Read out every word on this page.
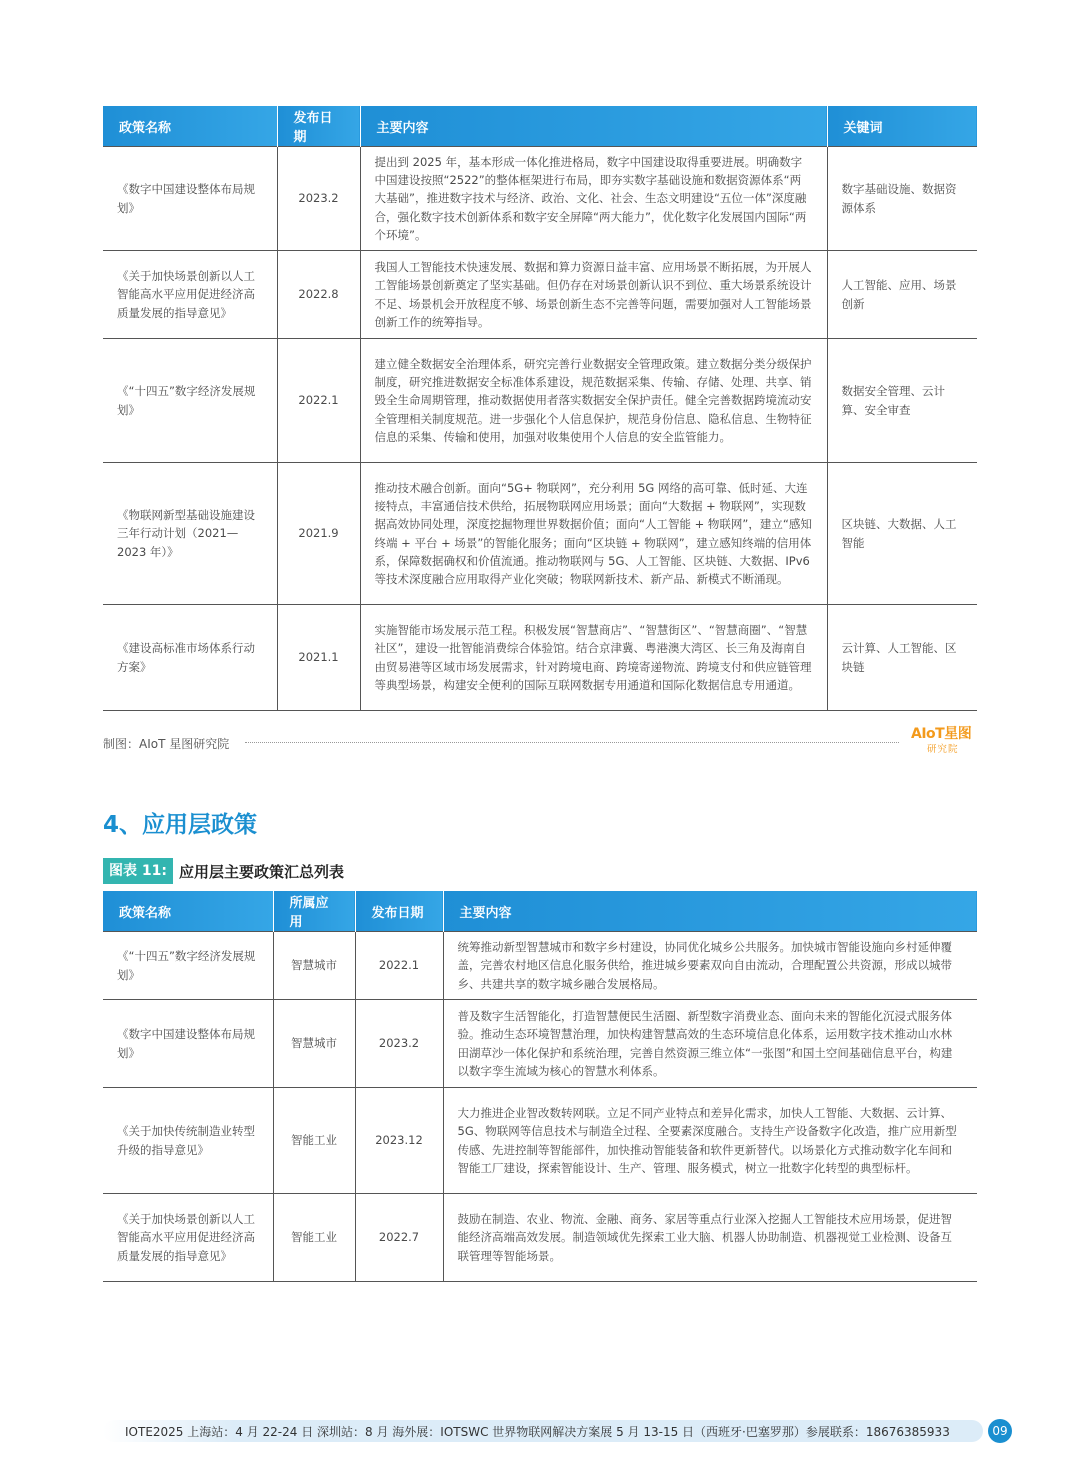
政策名称	发布日期	主要内容	关键词
《数字中国建设整体布局规划》	2023.2	提出到 2025 年，基本形成一体化推进格局，数字中国建设取得重要进展。明确数字中国建设按照“2522”的整体框架进行布局，即夯实数字基础设施和数据资源体系“两大基础”，推进数字技术与经济、政治、文化、社会、生态文明建设“五位一体”深度融合，强化数字技术创新体系和数字安全屏障“两大能力”，优化数字化发展国内国际“两个环境”。	数字基础设施、数据资源体系
《关于加快场景创新以人工智能高水平应用促进经济高质量发展的指导意见》	2022.8	我国人工智能技术快速发展、数据和算力资源日益丰富、应用场景不断拓展，为开展人工智能场景创新奠定了坚实基础。但仍存在对场景创新认识不到位、重大场景系统设计不足、场景机会开放程度不够、场景创新生态不完善等问题，需要加强对人工智能场景创新工作的统筹指导。	人工智能、应用、场景创新
《“十四五”数字经济发展规划》	2022.1	建立健全数据安全治理体系，研究完善行业数据安全管理政策。建立数据分类分级保护制度，研究推进数据安全标准体系建设，规范数据采集、传输、存储、处理、共享、销毁全生命周期管理，推动数据使用者落实数据安全保护责任。健全完善数据跨境流动安全管理相关制度规范。进一步强化个人信息保护，规范身份信息、隐私信息、生物特征信息的采集、传输和使用，加强对收集使用个人信息的安全监管能力。	数据安全管理、云计算、安全审查
《物联网新型基础设施建设三年行动计划（2021—2023 年）》	2021.9	推动技术融合创新。面向“5G+ 物联网”，充分利用 5G 网络的高可靠、低时延、大连接特点，丰富通信技术供给，拓展物联网应用场景；面向“大数据 + 物联网”，实现数据高效协同处理，深度挖掘物理世界数据价值；面向“人工智能 + 物联网”，建立“感知终端 + 平台 + 场景”的智能化服务；面向“区块链 + 物联网”，建立感知终端的信用体系，保障数据确权和价值流通。推动物联网与 5G、人工智能、区块链、大数据、IPv6 等技术深度融合应用取得产业化突破；物联网新技术、新产品、新模式不断涌现。	区块链、大数据、人工智能
《建设高标准市场体系行动方案》	2021.1	实施智能市场发展示范工程。积极发展“智慧商店”、“智慧街区”、“智慧商圈”、“智慧社区”，建设一批智能消费综合体验馆。结合京津冀、粤港澳大湾区、长三角及海南自由贸易港等区域市场发展需求，针对跨境电商、跨境寄递物流、跨境支付和供应链管理等典型场景，构建安全便利的国际互联网数据专用通道和国际化数据信息专用通道。	云计算、人工智能、区块链
制图：AIoT 星图研究院
AIoT星图
研究院
4、应用层政策
图表 11: 应用层主要政策汇总列表
政策名称	所属应用	发布日期	主要内容
《“十四五”数字经济发展规划》	智慧城市	2022.1	统筹推动新型智慧城市和数字乡村建设，协同优化城乡公共服务。加快城市智能设施向乡村延伸覆盖，完善农村地区信息化服务供给，推进城乡要素双向自由流动，合理配置公共资源，形成以城带乡、共建共享的数字城乡融合发展格局。
《数字中国建设整体布局规划》	智慧城市	2023.2	普及数字生活智能化，打造智慧便民生活圈、新型数字消费业态、面向未来的智能化沉浸式服务体验。推动生态环境智慧治理，加快构建智慧高效的生态环境信息化体系，运用数字技术推动山水林田湖草沙一体化保护和系统治理，完善自然资源三维立体“一张图”和国土空间基础信息平台，构建以数字孪生流域为核心的智慧水利体系。
《关于加快传统制造业转型升级的指导意见》	智能工业	2023.12	大力推进企业智改数转网联。立足不同产业特点和差异化需求，加快人工智能、大数据、云计算、5G、物联网等信息技术与制造全过程、全要素深度融合。支持生产设备数字化改造，推广应用新型传感、先进控制等智能部件，加快推动智能装备和软件更新替代。以场景化方式推动数字化车间和智能工厂建设，探索智能设计、生产、管理、服务模式，树立一批数字化转型的典型标杆。
《关于加快场景创新以人工智能高水平应用促进经济高质量发展的指导意见》	智能工业	2022.7	鼓励在制造、农业、物流、金融、商务、家居等重点行业深入挖掘人工智能技术应用场景，促进智能经济高端高效发展。制造领域优先探索工业大脑、机器人协助制造、机器视觉工业检测、设备互联管理等智能场景。
IOTE2025 上海站：4 月 22-24 日 深圳站：8 月 海外展：IOTSWC 世界物联网解决方案展 5 月 13-15 日（西班牙·巴塞罗那）参展联系：18676385933	09
